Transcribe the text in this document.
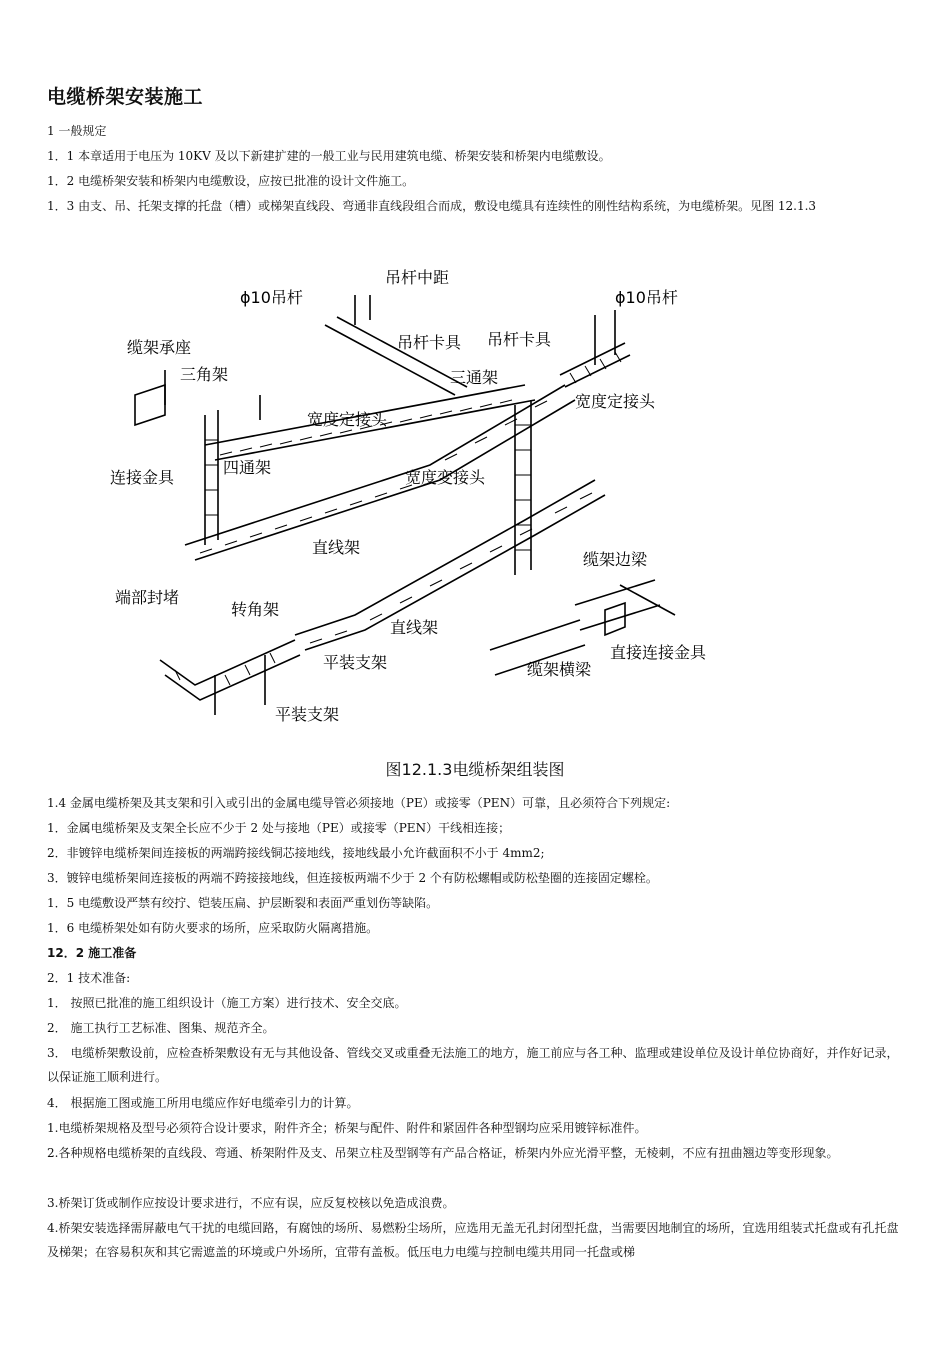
电缆桥架安装施工
1 一般规定
1．1 本章适用于电压为 10KV 及以下新建扩建的一般工业与民用建筑电缆、桥架安装和桥架内电缆敷设。
1．2 电缆桥架安装和桥架内电缆敷设，应按已批准的设计文件施工。
1．3 由支、吊、托架支撑的托盘（槽）或梯架直线段、弯通非直线段组合而成，敷设电缆具有连续性的刚性结构系统，为电缆桥架。见图 12.1.3
ϕ10吊杆
吊杆中距
ϕ10吊杆
吊杆卡具 吊杆卡具
缆架承座
三角架	三通架
宽度定接头
宽度定接头
连接金具
四通架
宽度变接头
直线架
端部封堵
转角架
直线架
缆架边梁
直接连接金具
缆架横梁
平装支架
平装支架
图12.1.3电缆桥架组装图
1.4 金属电缆桥架及其支架和引入或引出的金属电缆导管必须接地（PE）或接零（PEN）可靠，且必须符合下列规定:
1．金属电缆桥架及支架全长应不少于 2 处与接地（PE）或接零（PEN）干线相连接；
2．非镀锌电缆桥架间连接板的两端跨接线铜芯接地线，接地线最小允许截面积不小于 4mm2;
3．镀锌电缆桥架间连接板的两端不跨接接地线，但连接板两端不少于 2 个有防松螺帽或防松垫圈的连接固定螺栓。
1．5 电缆敷设严禁有绞拧、铠装压扁、护层断裂和表面严重划伤等缺陷。
1．6 电缆桥架处如有防火要求的场所，应采取防火隔离措施。
12．2 施工准备
2．1 技术准备:
1． 按照已批准的施工组织设计（施工方案）进行技术、安全交底。
2． 施工执行工艺标准、图集、规范齐全。
3． 电缆桥架敷设前，应检查桥架敷设有无与其他设备、管线交叉或重叠无法施工的地方，施工前应与各工种、监理或建设单位及设计单位协商好，并作好记录，以保证施工顺利进行。
4． 根据施工图或施工所用电缆应作好电缆牵引力的计算。
1.电缆桥架规格及型号必须符合设计要求，附件齐全；桥架与配件、附件和紧固件各种型钢均应采用镀锌标准件。
2.各种规格电缆桥架的直线段、弯通、桥架附件及支、吊架立柱及型钢等有产品合格证，桥架内外应光滑平整，无棱刺，不应有扭曲翘边等变形现象。
3.桥架订货或制作应按设计要求进行，不应有误，应反复校核以免造成浪费。
4.桥架安装选择需屏蔽电气干扰的电缆回路，有腐蚀的场所、易燃粉尘场所，应选用无盖无孔封闭型托盘，当需要因地制宜的场所，宜选用组装式托盘或有孔托盘及梯架；在容易积灰和其它需遮盖的环境或户外场所，宜带有盖板。低压电力电缆与控制电缆共用同一托盘或梯
